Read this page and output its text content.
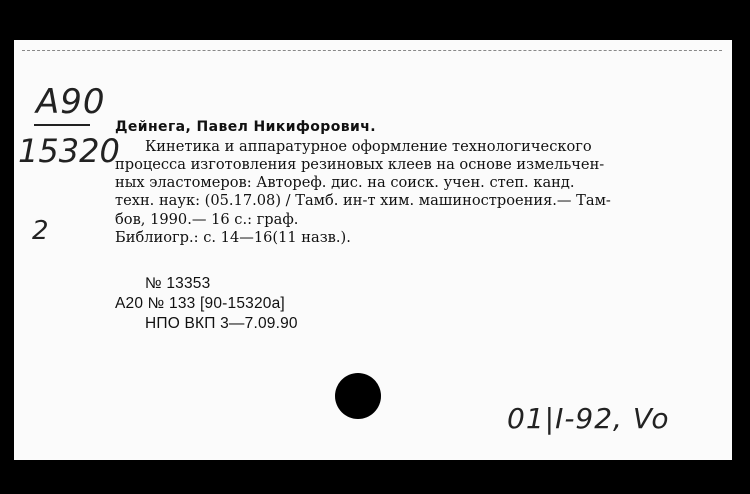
А90
15320
2
Дейнега, Павел Никифорович.
Кинетика и аппаратурное оформление технологического
процесса изготовления резиновых клеев на основе измельчен-
ных эластомеров: Автореф. дис. на соиск. учен. степ. канд.
техн. наук: (05.17.08) / Тамб. ин-т хим. машиностроения.— Там-
бов, 1990.— 16 с.: граф.
Библиогр.: с. 14—16(11 назв.).
№ 13353
А20 № 133 [90-15320а]
НПО ВКП 3—7.09.90
01|I-92, Vo
